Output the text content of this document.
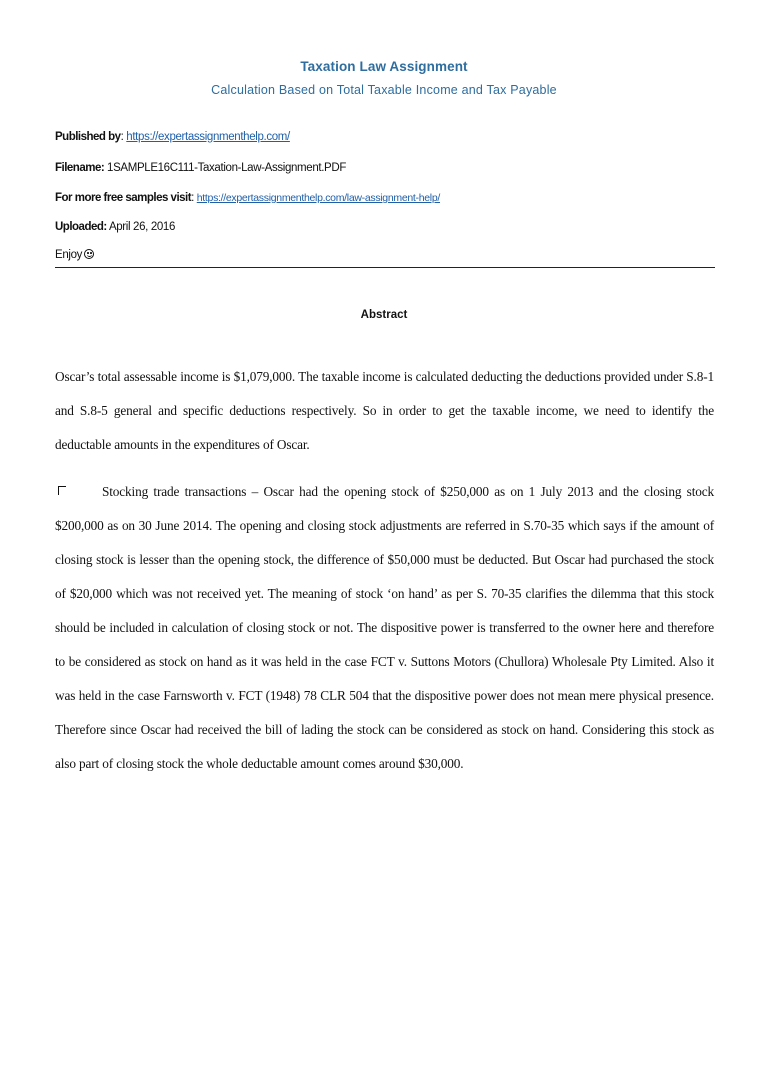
Taxation Law Assignment
Calculation Based on Total Taxable Income and Tax Payable
Published by: https://expertassignmenthelp.com/
Filename: 1SAMPLE16C111-Taxation-Law-Assignment.PDF
For more free samples visit: https://expertassignmenthelp.com/law-assignment-help/
Uploaded: April 26, 2016
Enjoy
Abstract
Oscar’s total assessable income is $1,079,000. The taxable income is calculated deducting the deductions provided under S.8-1 and S.8-5 general and specific deductions respectively. So in order to get the taxable income, we need to identify the deductable amounts in the expenditures of Oscar.
Stocking trade transactions – Oscar had the opening stock of $250,000 as on 1 July 2013 and the closing stock $200,000 as on 30 June 2014. The opening and closing stock adjustments are referred in S.70-35 which says if the amount of closing stock is lesser than the opening stock, the difference of $50,000 must be deducted. But Oscar had purchased the stock of $20,000 which was not received yet. The meaning of stock ‘on hand’ as per S. 70-35 clarifies the dilemma that this stock should be included in calculation of closing stock or not. The dispositive power is transferred to the owner here and therefore to be considered as stock on hand as it was held in the case FCT v. Suttons Motors (Chullora) Wholesale Pty Limited. Also it was held in the case Farnsworth v. FCT (1948) 78 CLR 504 that the dispositive power does not mean mere physical presence. Therefore since Oscar had received the bill of lading the stock can be considered as stock on hand. Considering this stock as also part of closing stock the whole deductable amount comes around $30,000.
